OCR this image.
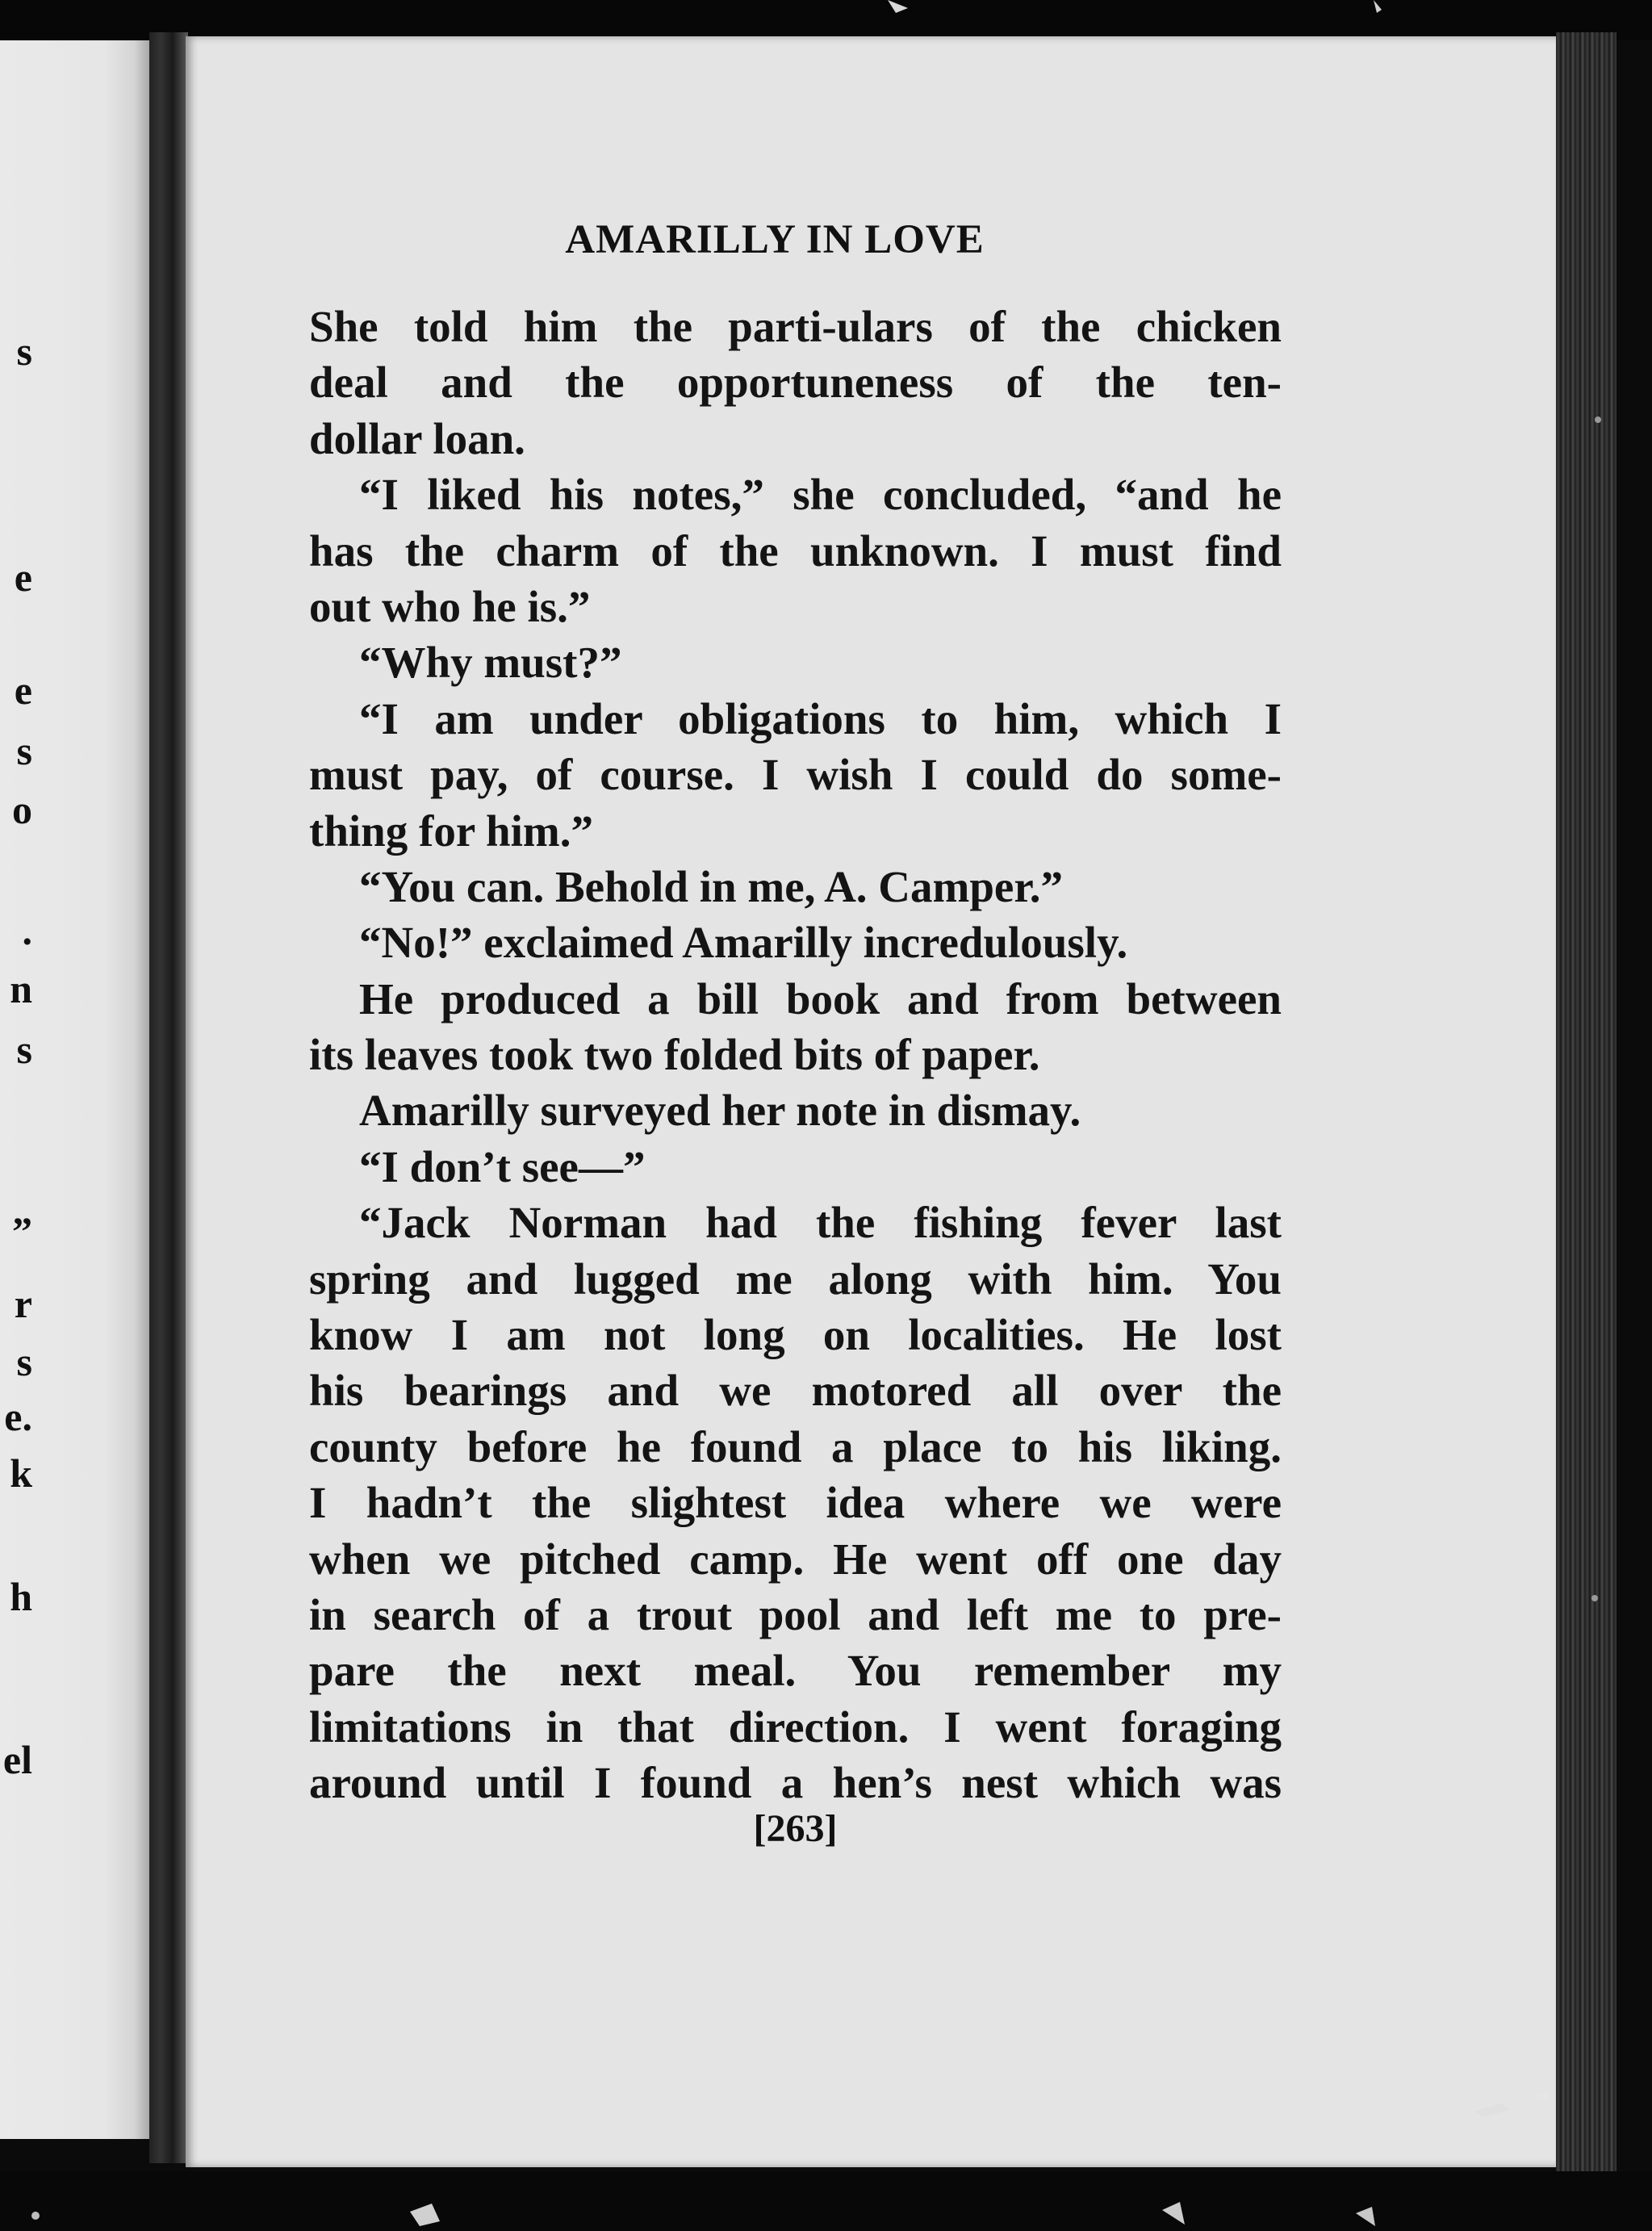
s
e
e
s
o
.
n
s
”
r
s
e.
k
h
el
AMARILLY IN LOVE
She told him the parti‐ulars of the chicken
deal and the opportuneness of the ten-
dollar loan.
“I liked his notes,” she concluded, “and he
has the charm of the unknown. I must find
out who he is.”
“Why must?”
“I am under obligations to him, which I
must pay, of course. I wish I could do some-
thing for him.”
“You can. Behold in me, A. Camper.”
“No!” exclaimed Amarilly incredulously.
He produced a bill book and from between
its leaves took two folded bits of paper.
Amarilly surveyed her note in dismay.
“I don’t see—”
“Jack Norman had the fishing fever last
spring and lugged me along with him. You
know I am not long on localities. He lost
his bearings and we motored all over the
county before he found a place to his liking.
I hadn’t the slightest idea where we were
when we pitched camp. He went off one day
in search of a trout pool and left me to pre-
pare the next meal. You remember my
limitations in that direction. I went foraging
around until I found a hen’s nest which was
[263]
